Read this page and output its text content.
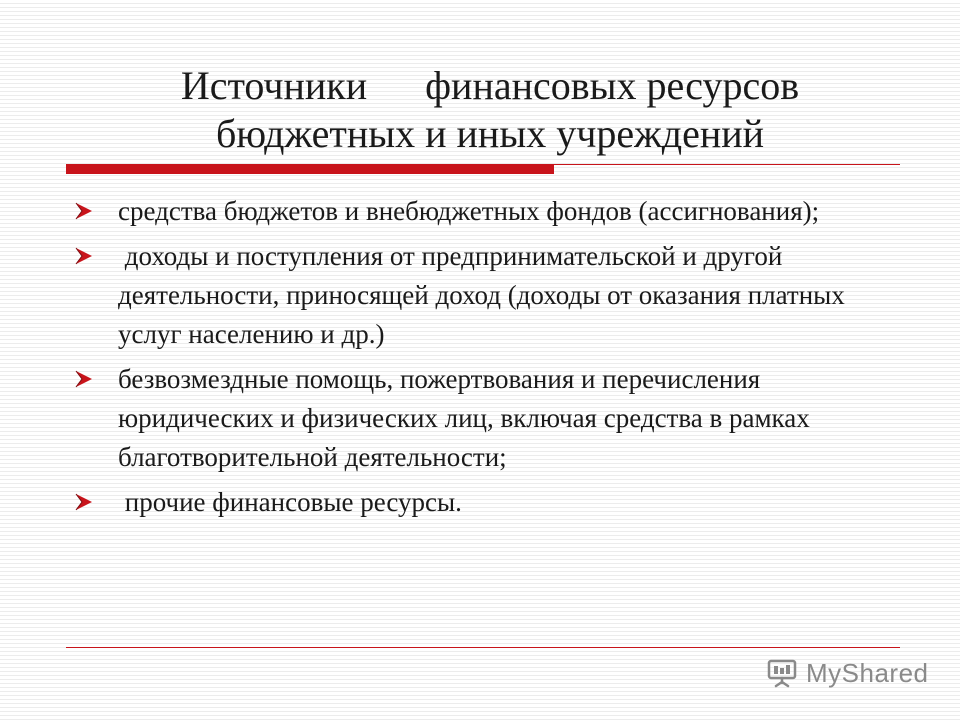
Источники финансовых ресурсов
бюджетных и иных учреждений
средства бюджетов и внебюджетных фондов (ассигнования);
доходы и поступления от предпринимательской и другой деятельности, приносящей доход (доходы от оказания платных услуг населению и др.)
безвозмездные помощь, пожертвования и перечисления юридических и физических лиц, включая средства в рамках благотворительной деятельности;
прочие финансовые ресурсы.
MyShared
